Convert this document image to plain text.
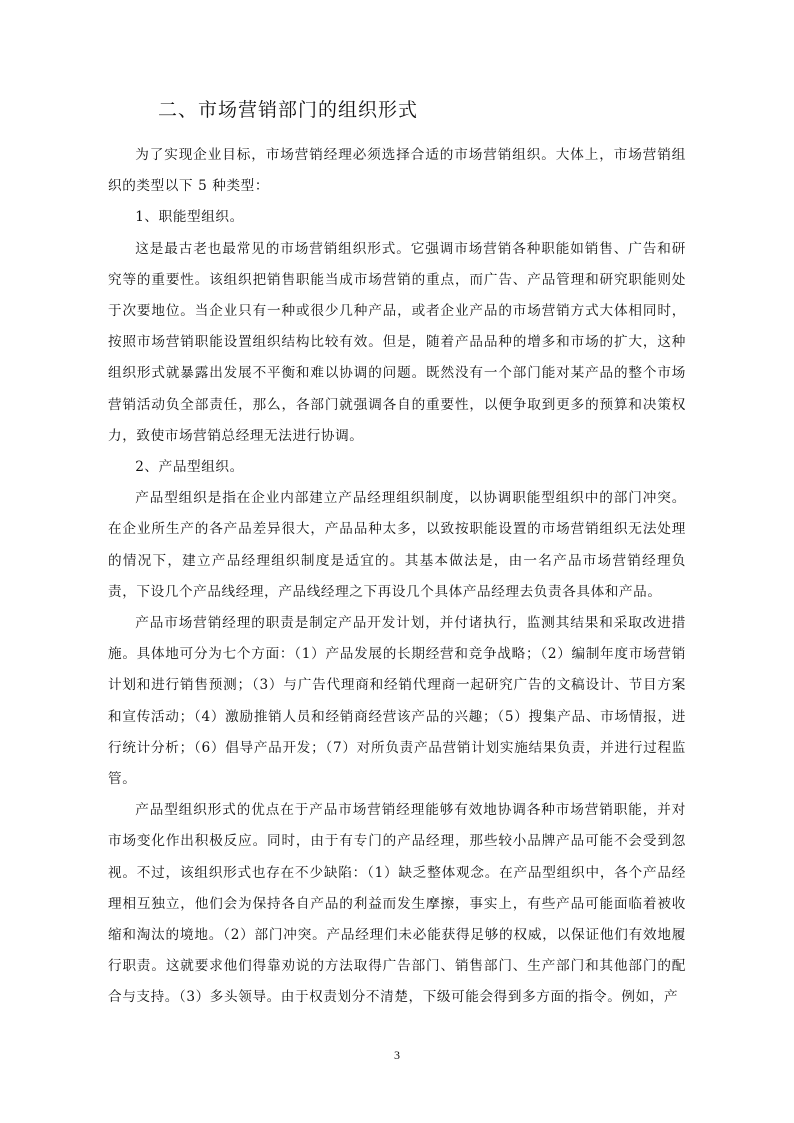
二、市场营销部门的组织形式

为了实现企业目标，市场营销经理必须选择合适的市场营销组织。大体上，市场营销组织的类型以下 5 种类型：

1、职能型组织。

这是最古老也最常见的市场营销组织形式。它强调市场营销各种职能如销售、广告和研究等的重要性。该组织把销售职能当成市场营销的重点，而广告、产品管理和研究职能则处于次要地位。当企业只有一种或很少几种产品，或者企业产品的市场营销方式大体相同时，按照市场营销职能设置组织结构比较有效。但是，随着产品品种的增多和市场的扩大，这种组织形式就暴露出发展不平衡和难以协调的问题。既然没有一个部门能对某产品的整个市场营销活动负全部责任，那么，各部门就强调各自的重要性，以便争取到更多的预算和决策权力，致使市场营销总经理无法进行协调。

2、产品型组织。

产品型组织是指在企业内部建立产品经理组织制度，以协调职能型组织中的部门冲突。在企业所生产的各产品差异很大，产品品种太多，以致按职能设置的市场营销组织无法处理的情况下，建立产品经理组织制度是适宜的。其基本做法是，由一名产品市场营销经理负责，下设几个产品线经理，产品线经理之下再设几个具体产品经理去负责各具体和产品。

产品市场营销经理的职责是制定产品开发计划，并付诸执行，监测其结果和采取改进措施。具体地可分为七个方面：（1）产品发展的长期经营和竞争战略；（2）编制年度市场营销计划和进行销售预测；（3）与广告代理商和经销代理商一起研究广告的文稿设计、节目方案和宣传活动；（4）激励推销人员和经销商经营该产品的兴趣；（5）搜集产品、市场情报，进行统计分析；（6）倡导产品开发；（7）对所负责产品营销计划实施结果负责，并进行过程监管。

产品型组织形式的优点在于产品市场营销经理能够有效地协调各种市场营销职能，并对市场变化作出积极反应。同时，由于有专门的产品经理，那些较小品牌产品可能不会受到忽视。不过，该组织形式也存在不少缺陷：（1）缺乏整体观念。在产品型组织中，各个产品经理相互独立，他们会为保持各自产品的利益而发生摩擦，事实上，有些产品可能面临着被收缩和淘汰的境地。（2）部门冲突。产品经理们未必能获得足够的权威，以保证他们有效地履行职责。这就要求他们得靠劝说的方法取得广告部门、销售部门、生产部门和其他部门的配合与支持。（3）多头领导。由于权责划分不清楚，下级可能会得到多方面的指令。例如，产

3
